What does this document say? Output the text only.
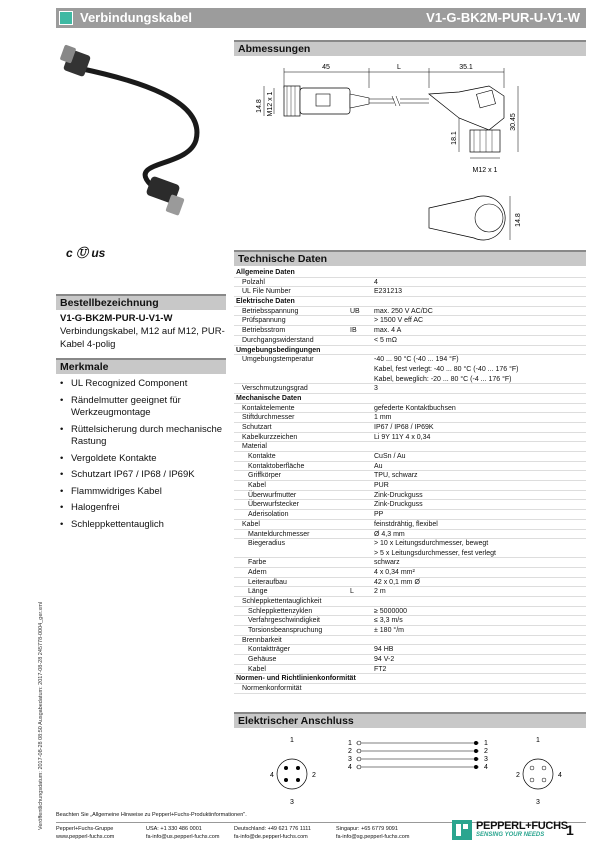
Verbindungskabel	V1-G-BK2M-PUR-U-V1-W
c Ⓤ us
Bestellbezeichnung
V1-G-BK2M-PUR-U-V1-W
Verbindungskabel, M12 auf M12, PUR-Kabel 4-polig
Merkmale
• UL Recognized Component
• Rändelmutter geeignet für Werkzeugmontage
• Rüttelsicherung durch mechanische Rastung
• Vergoldete Kontakte
• Schutzart IP67 / IP68 / IP69K
• Flammwidriges Kabel
• Halogenfrei
• Schleppkettentauglich
Veröffentlichungsdatum: 2017-08-28 08:50 Ausgabedatum: 2017-08-28 245778-0004_ger.xml
Abmessungen
45	L	35.1
14.8 M12 x 1
M12 x 1
18.1
30.45
14.8
Technische Daten
Allgemeine Daten
Polzahl	4
UL File Number	E231213
Elektrische Daten
Betriebsspannung	UB max. 250 V AC/DC
Prüfspannung	> 1500 V eff AC
Betriebsstrom	IB max. 4 A
Durchgangswiderstand	< 5 mΩ
Umgebungsbedingungen
Umgebungstemperatur	-40 ... 90 °C (-40 ... 194 °F)
Kabel, fest verlegt: -40 ... 80 °C (-40 ... 176 °F)
Kabel, beweglich: -20 ... 80 °C (-4 ... 176 °F)
Verschmutzungsgrad	3
Mechanische Daten
Kontaktelemente	gefederte Kontaktbuchsen
Stiftdurchmesser	1 mm
Schutzart	IP67 / IP68 / IP69K
Kabelkurzzeichen	Li 9Y 11Y 4 x 0,34
Material
Kontakte	CuSn / Au
Kontaktoberfläche	Au
Griffkörper	TPU, schwarz
Kabel	PUR
Überwurfmutter	Zink-Druckguss
Überwurfstecker	Zink-Druckguss
Aderisolation	PP
Kabel	feinstdrähtig, flexibel
Manteldurchmesser	Ø 4,3 mm
Biegeradius	> 10 x Leitungsdurchmesser, bewegt
> 5 x Leitungsdurchmesser, fest verlegt
Farbe	schwarz
Adern	4 x 0,34 mm²
Leiteraufbau	42 x 0,1 mm Ø
Länge	L	2 m
Schleppkettentauglichkeit
Schleppkettenzyklen	≥ 5000000
Verfahrgeschwindigkeit	≤ 3,3 m/s
Torsionsbeanspruchung	± 180 °/m
Brennbarkeit
Kontaktträger	94 HB
Gehäuse	94 V-2
Kabel	FT2
Normen- und Richtlinienkonformität
Normenkonformität
Elektrischer Anschluss
1
4	2
3
1
2
3
4
1
2
3
4
1
2	4
3
Beachten Sie „Allgemeine Hinweise zu Pepperl+Fuchs-Produktinformationen".
Pepperl+Fuchs-Gruppe
www.pepperl-fuchs.com
USA: +1 330 486 0001
fa-info@us.pepperl-fuchs.com
Deutschland: +49 621 776 1111
fa-info@de.pepperl-fuchs.com
Singapur: +65 6779 9091
fa-info@sg.pepperl-fuchs.com
PEPPERL+FUCHS
SENSING YOUR NEEDS 1
